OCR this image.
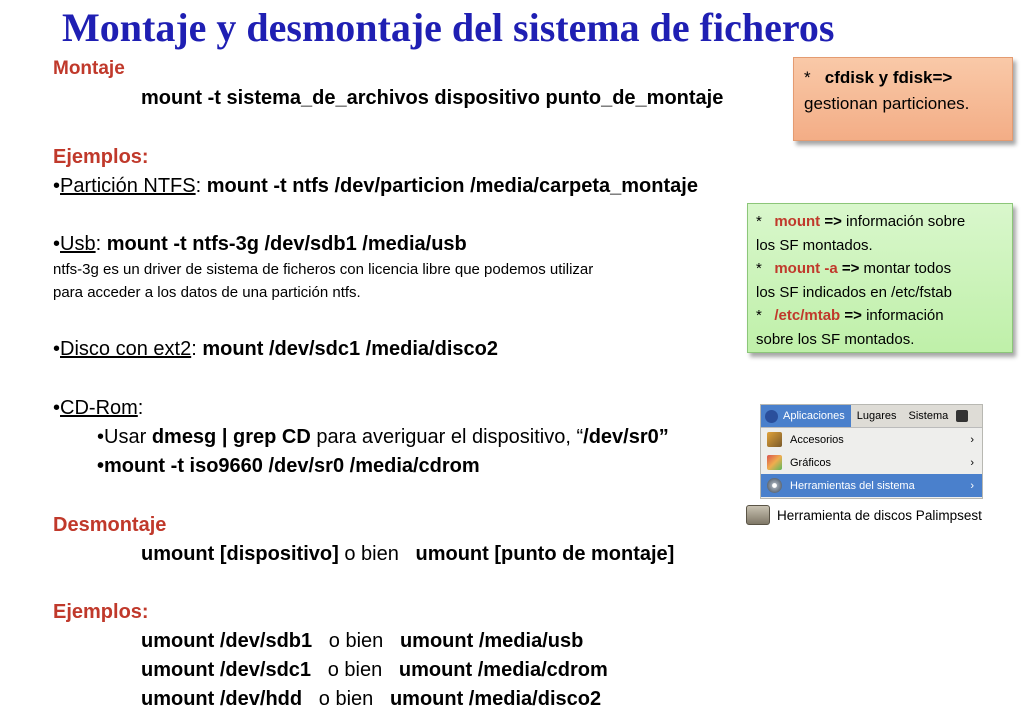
Montaje y desmontaje del sistema de ficheros
Montaje
mount -t sistema_de_archivos dispositivo punto_de_montaje
Ejemplos:
•Partición NTFS: mount -t ntfs /dev/particion /media/carpeta_montaje
•Usb: mount -t ntfs-3g /dev/sdb1 /media/usb
ntfs-3g es un driver de sistema de ficheros con licencia libre que podemos utilizar
para acceder a los datos de una partición ntfs.
•Disco con ext2: mount /dev/sdc1 /media/disco2
•CD-Rom:
•Usar dmesg | grep CD para averiguar el dispositivo, “/dev/sr0”
•mount -t iso9660 /dev/sr0 /media/cdrom
Desmontaje
umount [dispositivo] o bien   umount [punto de montaje]
Ejemplos:
umount /dev/sdb1   o bien   umount /media/usb
umount /dev/sdc1   o bien   umount /media/cdrom
umount /dev/hdd   o bien   umount /media/disco2
*   cfdisk y fdisk=>
gestionan particiones.
*   mount => información sobre
los SF montados.
*   mount -a => montar todos
los SF indicados en /etc/fstab
*   /etc/mtab => información
sobre los SF montados.
Aplicaciones	Lugares	Sistema
Accesorios	›
Gráficos	›
Herramientas del sistema	›
Herramienta de discos Palimpsest
